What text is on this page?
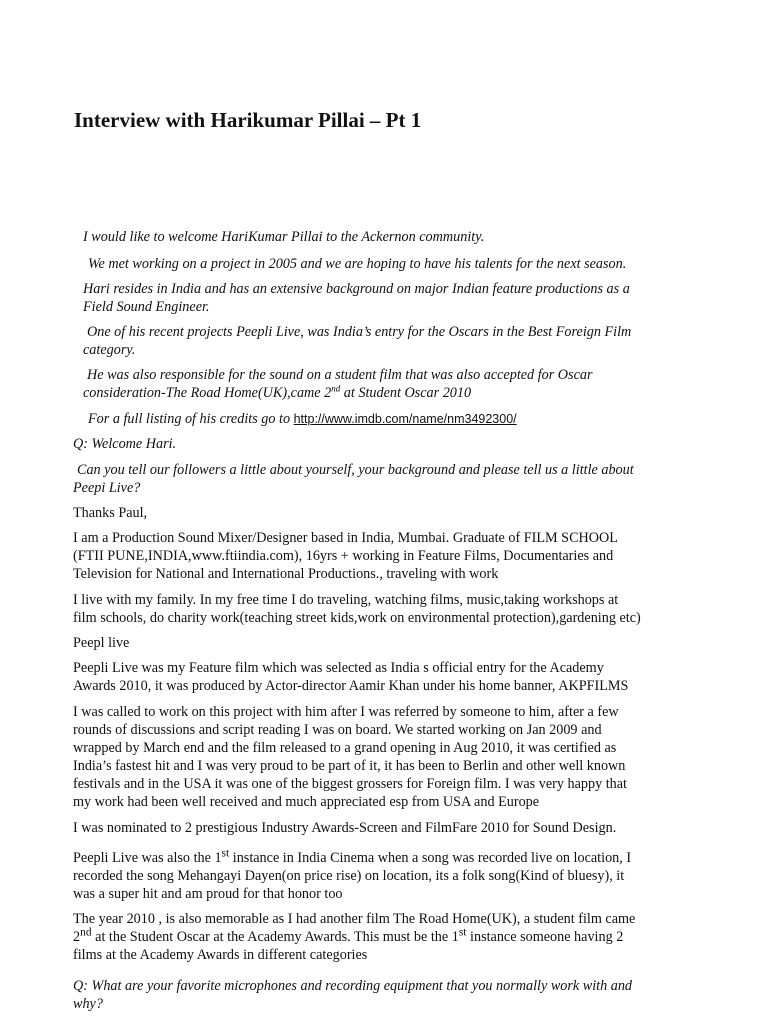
Interview with Harikumar Pillai – Pt 1

I would like to welcome HariKumar Pillai to the Ackernon community.

We met working on a project in 2005 and we are hoping to have his talents for the next season.

Hari resides in India and has an extensive background on major Indian feature productions as a
Field Sound Engineer.

One of his recent projects Peepli Live, was India’s entry for the Oscars in the Best Foreign Film
category.

He was also responsible for the sound on a student film that was also accepted for Oscar
consideration-The Road Home(UK),came 2nd at Student Oscar 2010

For a full listing of his credits go to http://www.imdb.com/name/nm3492300/

Q: Welcome Hari.

Can you tell our followers a little about yourself, your background and please tell us a little about
Peepi Live?

Thanks Paul,

I am a Production Sound Mixer/Designer based in India, Mumbai. Graduate of FILM SCHOOL
(FTII PUNE,INDIA,www.ftiindia.com), 16yrs + working in Feature Films, Documentaries and
Television for National and International Productions., traveling with work

I live with my family. In my free time I do traveling, watching films, music,taking workshops at
film schools, do charity work(teaching street kids,work on environmental protection),gardening etc)

Peepl live

Peepli Live was my Feature film which was selected as India s official entry for the Academy
Awards 2010, it was produced by Actor-director Aamir Khan under his home banner, AKPFILMS

I was called to work on this project with him after I was referred by someone to him, after a few
rounds of discussions and script reading I was on board. We started working on Jan 2009 and
wrapped by March end and the film released to a grand opening in Aug 2010, it was certified as
India’s fastest hit and I was very proud to be part of it, it has been to Berlin and other well known
festivals and in the USA it was one of the biggest grossers for Foreign film. I was very happy that
my work had been well received and much appreciated esp from USA and Europe

I was nominated to 2 prestigious Industry Awards-Screen and FilmFare 2010 for Sound Design.

Peepli Live was also the 1st instance in India Cinema when a song was recorded live on location, I
recorded the song Mehangayi Dayen(on price rise) on location, its a folk song(Kind of bluesy), it
was a super hit and am proud for that honor too

The year 2010 , is also memorable as I had another film The Road Home(UK), a student film came
2nd at the Student Oscar at the Academy Awards. This must be the 1st instance someone having 2
films at the Academy Awards in different categories

Q: What are your favorite microphones and recording equipment that you normally work with and
why?
